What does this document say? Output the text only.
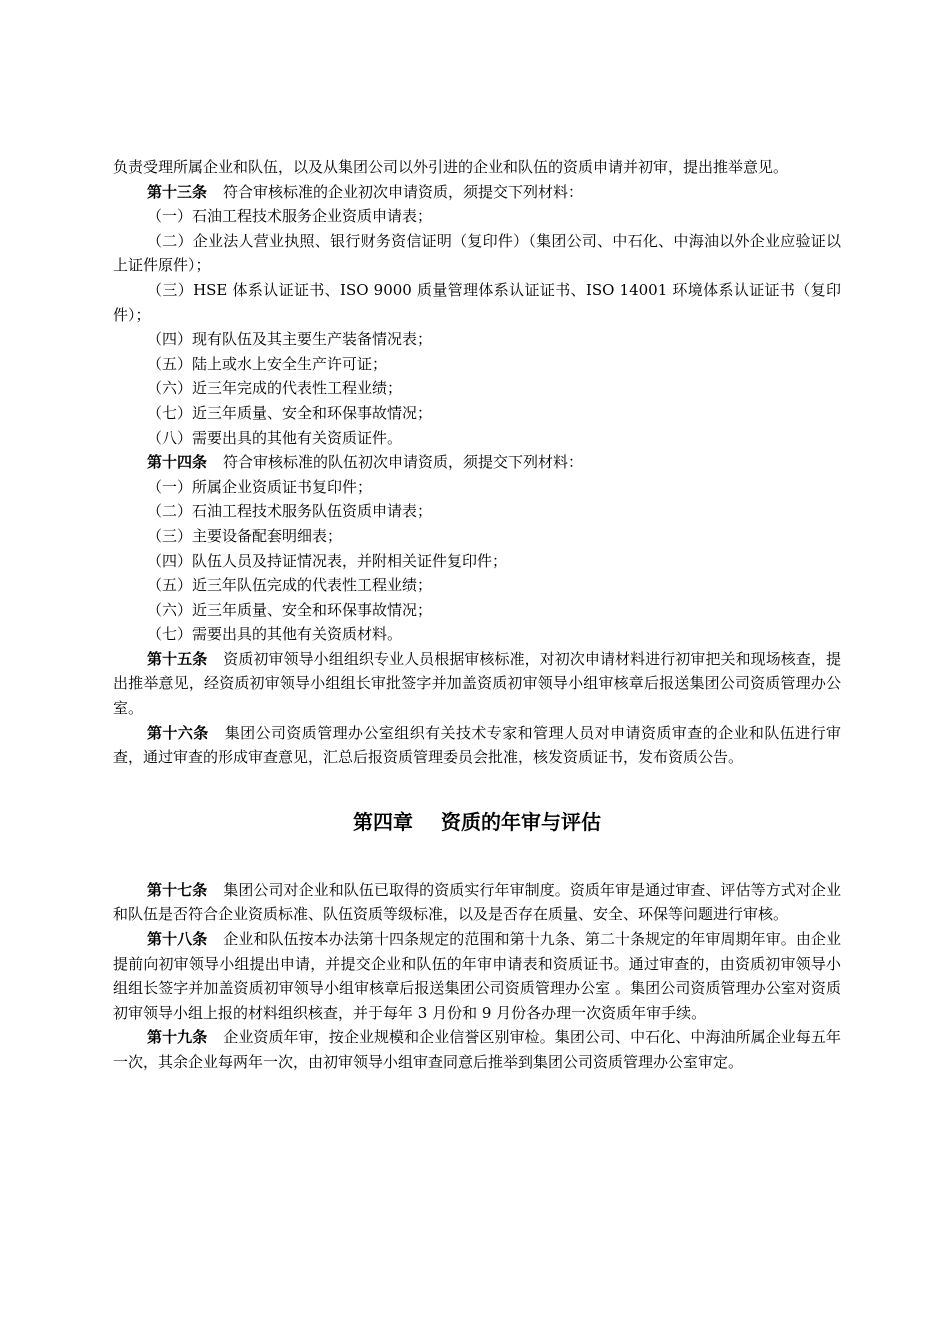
负责受理所属企业和队伍，以及从集团公司以外引进的企业和队伍的资质申请并初审，提出推举意见。

第十三条 符合审核标准的企业初次申请资质，须提交下列材料：

（一）石油工程技术服务企业资质申请表；

（二）企业法人营业执照、银行财务资信证明（复印件）（集团公司、中石化、中海油以外企业应验证以上证件原件）；

（三）HSE 体系认证证书、ISO 9000 质量管理体系认证证书、ISO 14001 环境体系认证证书（复印件）；

（四）现有队伍及其主要生产装备情况表；

（五）陆上或水上安全生产许可证；

（六）近三年完成的代表性工程业绩；

（七）近三年质量、安全和环保事故情况；

（八）需要出具的其他有关资质证件。

第十四条 符合审核标准的队伍初次申请资质，须提交下列材料：

（一）所属企业资质证书复印件；

（二）石油工程技术服务队伍资质申请表；

（三）主要设备配套明细表；

（四）队伍人员及持证情况表，并附相关证件复印件；

（五）近三年队伍完成的代表性工程业绩；

（六）近三年质量、安全和环保事故情况；

（七）需要出具的其他有关资质材料。

第十五条 资质初审领导小组组织专业人员根据审核标准，对初次申请材料进行初审把关和现场核查，提出推举意见，经资质初审领导小组组长审批签字并加盖资质初审领导小组审核章后报送集团公司资质管理办公室。

第十六条 集团公司资质管理办公室组织有关技术专家和管理人员对申请资质审查的企业和队伍进行审查，通过审查的形成审查意见，汇总后报资质管理委员会批准，核发资质证书，发布资质公告。

第四章 资质的年审与评估

第十七条 集团公司对企业和队伍已取得的资质实行年审制度。资质年审是通过审查、评估等方式对企业和队伍是否符合企业资质标准、队伍资质等级标准，以及是否存在质量、安全、环保等问题进行审核。

第十八条 企业和队伍按本办法第十四条规定的范围和第十九条、第二十条规定的年审周期年审。由企业提前向初审领导小组提出申请，并提交企业和队伍的年审申请表和资质证书。通过审查的，由资质初审领导小组组长签字并加盖资质初审领导小组审核章后报送集团公司资质管理办公室 。集团公司资质管理办公室对资质初审领导小组上报的材料组织核查，并于每年 3 月份和 9 月份各办理一次资质年审手续。

第十九条 企业资质年审，按企业规模和企业信誉区别审检。集团公司、中石化、中海油所属企业每五年一次，其余企业每两年一次，由初审领导小组审查同意后推举到集团公司资质管理办公室审定。
